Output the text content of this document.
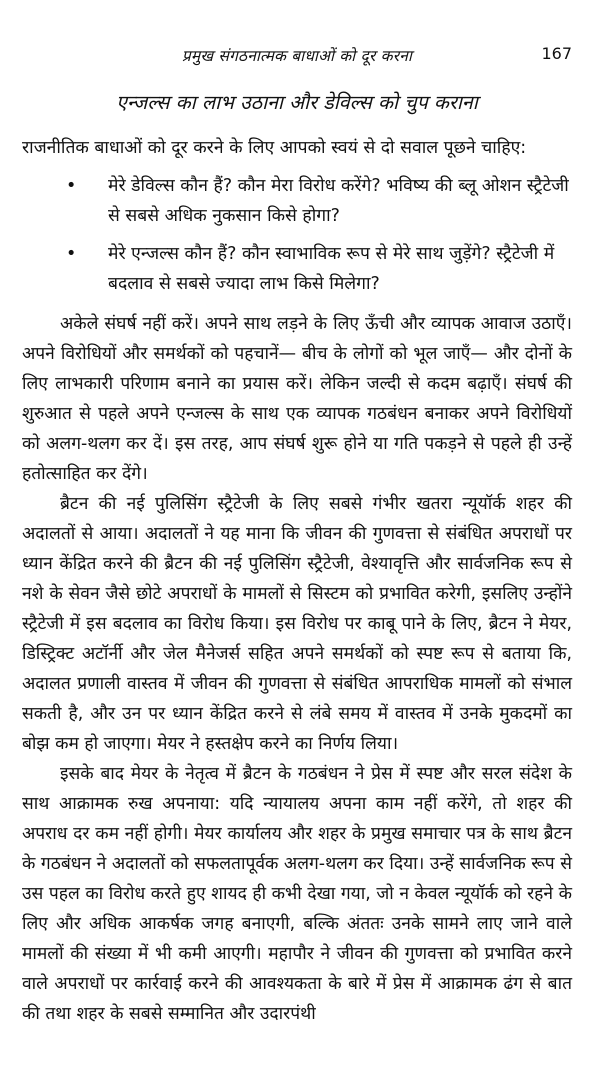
प्रमुख संगठनात्मक बाधाओं को दूर करना	167
एन्जल्स का लाभ उठाना और डेविल्स को चुप कराना

राजनीतिक बाधाओं को दूर करने के लिए आपको स्वयं से दो सवाल पूछने चाहिए:

• मेरे डेविल्स कौन हैं? कौन मेरा विरोध करेंगे? भविष्य की ब्लू ओशन स्ट्रैटेजी से सबसे अधिक नुकसान किसे होगा?
• मेरे एन्जल्स कौन हैं? कौन स्वाभाविक रूप से मेरे साथ जुड़ेंगे? स्ट्रैटेजी में बदलाव से सबसे ज्यादा लाभ किसे मिलेगा?

अकेले संघर्ष नहीं करें। अपने साथ लड़ने के लिए ऊँची और व्यापक आवाज उठाएँ। अपने विरोधियों और समर्थकों को पहचानें— बीच के लोगों को भूल जाएँ— और दोनों के लिए लाभकारी परिणाम बनाने का प्रयास करें। लेकिन जल्दी से कदम बढ़ाएँ। संघर्ष की शुरुआत से पहले अपने एन्जल्स के साथ एक व्यापक गठबंधन बनाकर अपने विरोधियों को अलग-थलग कर दें। इस तरह, आप संघर्ष शुरू होने या गति पकड़ने से पहले ही उन्हें हतोत्साहित कर देंगे।

ब्रैटन की नई पुलिसिंग स्ट्रैटेजी के लिए सबसे गंभीर खतरा न्यूयॉर्क शहर की अदालतों से आया। अदालतों ने यह माना कि जीवन की गुणवत्ता से संबंधित अपराधों पर ध्यान केंद्रित करने की ब्रैटन की नई पुलिसिंग स्ट्रैटेजी, वेश्यावृत्ति और सार्वजनिक रूप से नशे के सेवन जैसे छोटे अपराधों के मामलों से सिस्टम को प्रभावित करेगी, इसलिए उन्होंने स्ट्रैटेजी में इस बदलाव का विरोध किया। इस विरोध पर काबू पाने के लिए, ब्रैटन ने मेयर, डिस्ट्रिक्ट अटॉर्नी और जेल मैनेजर्स सहित अपने समर्थकों को स्पष्ट रूप से बताया कि, अदालत प्रणाली वास्तव में जीवन की गुणवत्ता से संबंधित आपराधिक मामलों को संभाल सकती है, और उन पर ध्यान केंद्रित करने से लंबे समय में वास्तव में उनके मुकदमों का बोझ कम हो जाएगा। मेयर ने हस्तक्षेप करने का निर्णय लिया।

इसके बाद मेयर के नेतृत्व में ब्रैटन के गठबंधन ने प्रेस में स्पष्ट और सरल संदेश के साथ आक्रामक रुख अपनाया: यदि न्यायालय अपना काम नहीं करेंगे, तो शहर की अपराध दर कम नहीं होगी। मेयर कार्यालय और शहर के प्रमुख समाचार पत्र के साथ ब्रैटन के गठबंधन ने अदालतों को सफलतापूर्वक अलग-थलग कर दिया। उन्हें सार्वजनिक रूप से उस पहल का विरोध करते हुए शायद ही कभी देखा गया, जो न केवल न्यूयॉर्क को रहने के लिए और अधिक आकर्षक जगह बनाएगी, बल्कि अंततः उनके सामने लाए जाने वाले मामलों की संख्या में भी कमी आएगी। महापौर ने जीवन की गुणवत्ता को प्रभावित करने वाले अपराधों पर कार्रवाई करने की आवश्यकता के बारे में प्रेस में आक्रामक ढंग से बात की तथा शहर के सबसे सम्मानित और उदारपंथी
